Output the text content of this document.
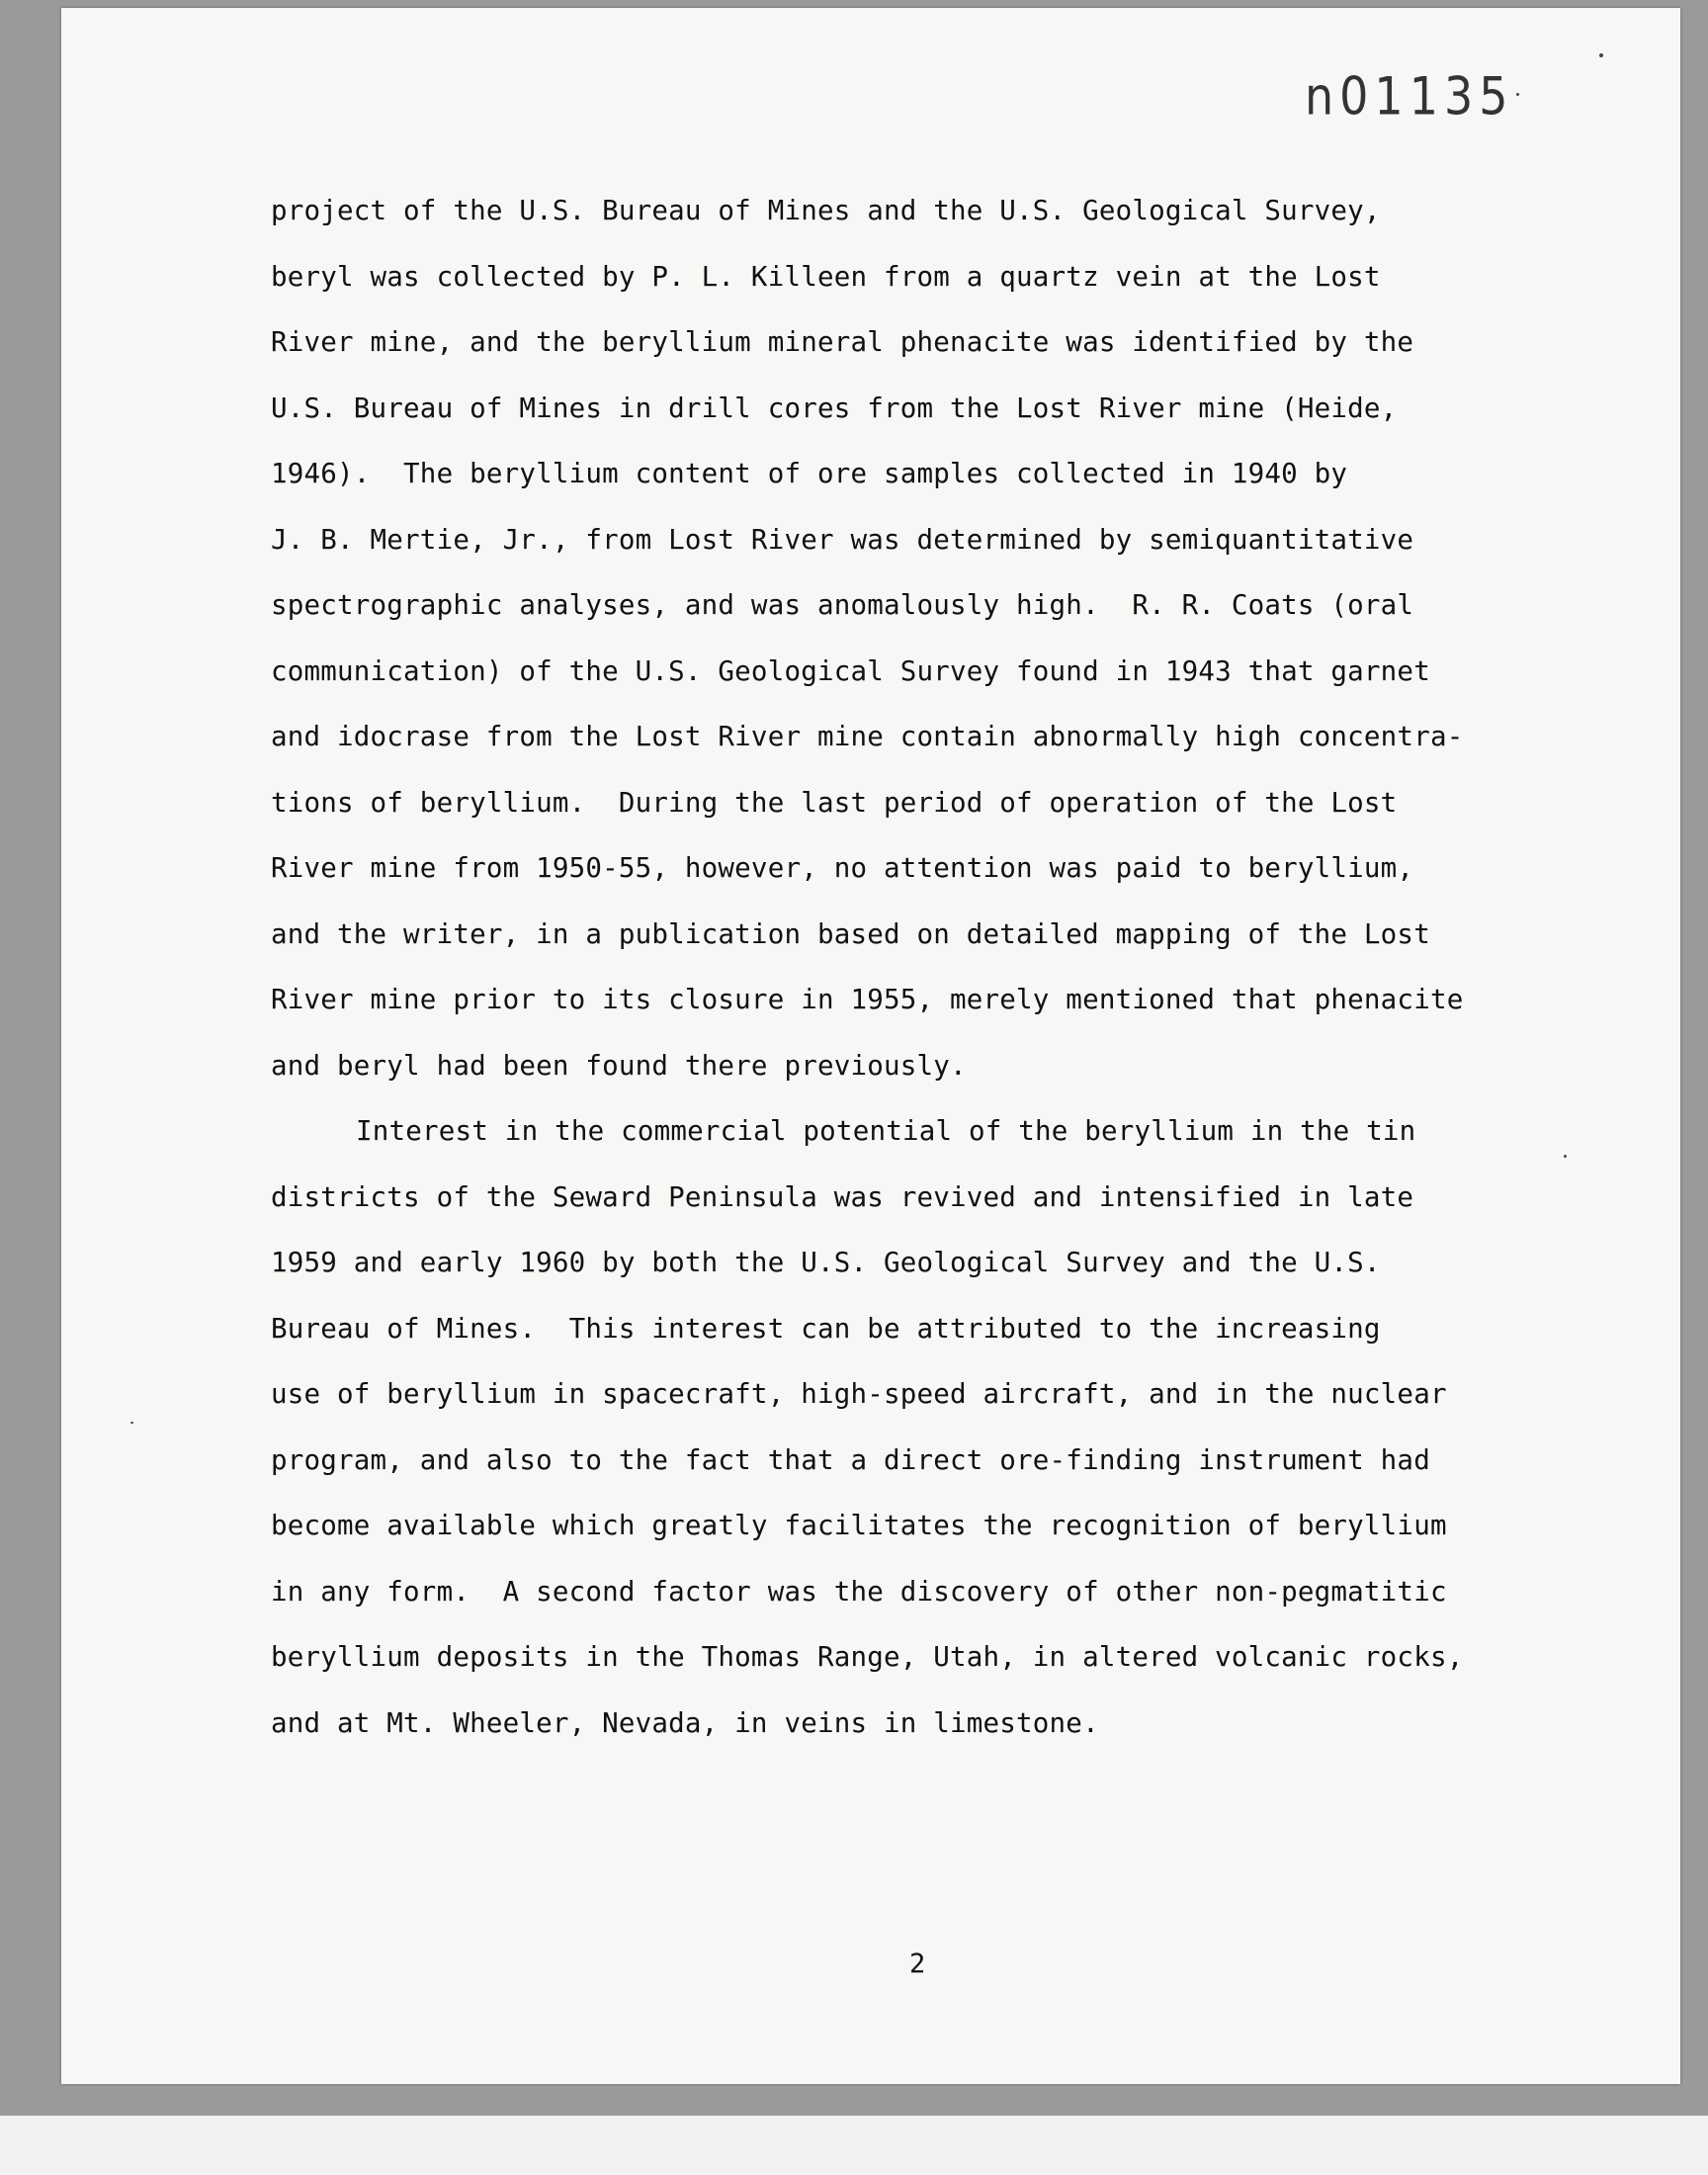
n01135
project of the U.S. Bureau of Mines and the U.S. Geological Survey,
beryl was collected by P. L. Killeen from a quartz vein at the Lost
River mine, and the beryllium mineral phenacite was identified by the
U.S. Bureau of Mines in drill cores from the Lost River mine (Heide,
1946).  The beryllium content of ore samples collected in 1940 by
J. B. Mertie, Jr., from Lost River was determined by semiquantitative
spectrographic analyses, and was anomalously high.  R. R. Coats (oral
communication) of the U.S. Geological Survey found in 1943 that garnet
and idocrase from the Lost River mine contain abnormally high concentra-
tions of beryllium.  During the last period of operation of the Lost
River mine from 1950-55, however, no attention was paid to beryllium,
and the writer, in a publication based on detailed mapping of the Lost
River mine prior to its closure in 1955, merely mentioned that phenacite
and beryl had been found there previously.
Interest in the commercial potential of the beryllium in the tin
districts of the Seward Peninsula was revived and intensified in late
1959 and early 1960 by both the U.S. Geological Survey and the U.S.
Bureau of Mines.  This interest can be attributed to the increasing
use of beryllium in spacecraft, high-speed aircraft, and in the nuclear
program, and also to the fact that a direct ore-finding instrument had
become available which greatly facilitates the recognition of beryllium
in any form.  A second factor was the discovery of other non-pegmatitic
beryllium deposits in the Thomas Range, Utah, in altered volcanic rocks,
and at Mt. Wheeler, Nevada, in veins in limestone.
2
